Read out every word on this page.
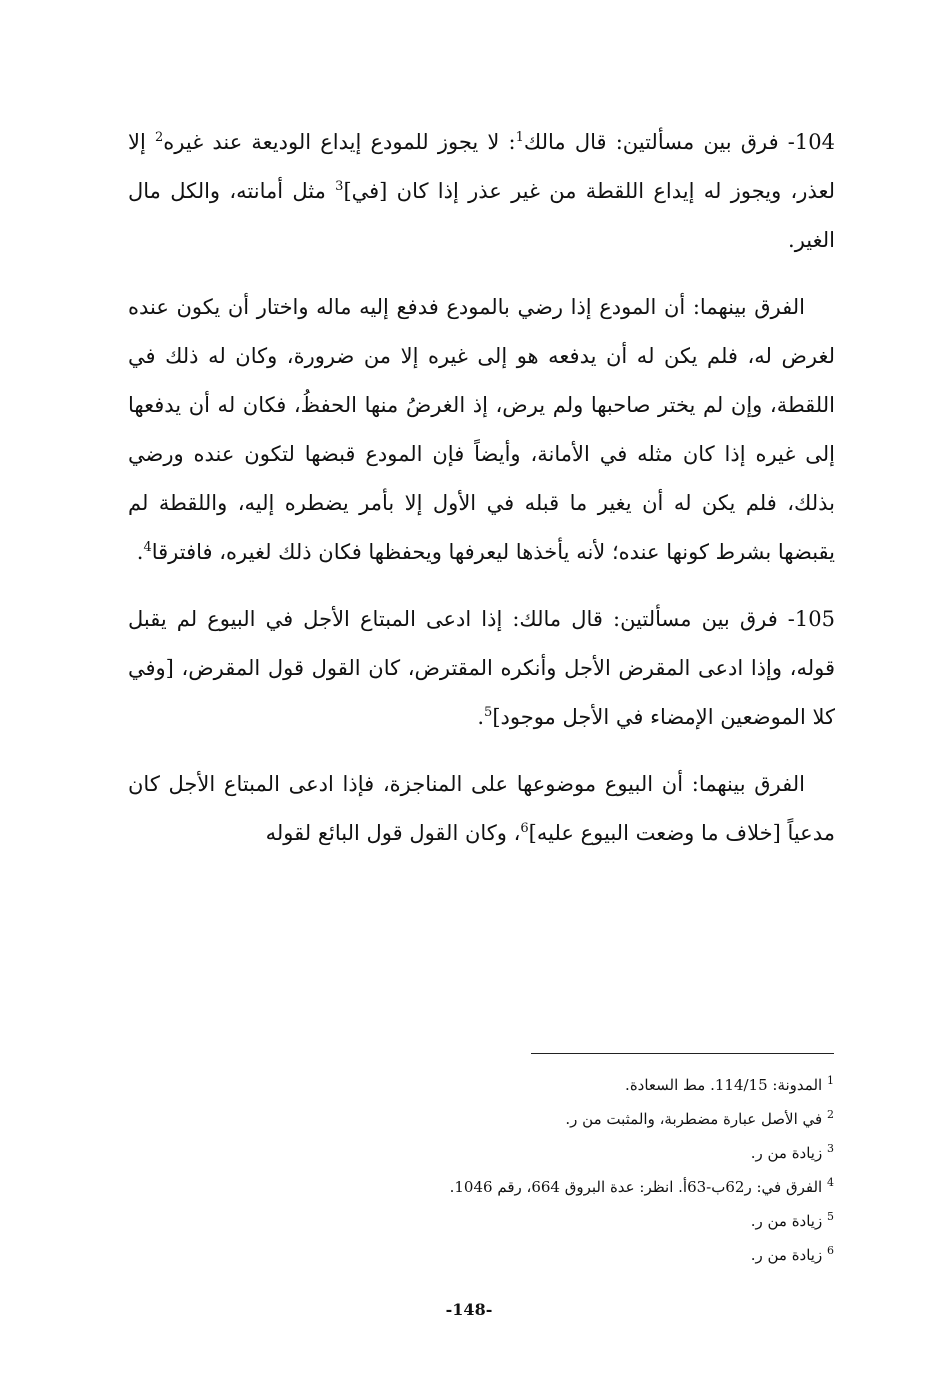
104- فرق بين مسألتين: قال مالك$^1$: لا يجوز للمودع إيداع الوديعة عند غيره$^2$ إلا لعذر، ويجوز له إيداع اللقطة من غير عذر إذا كان [في]$^3$ مثل أمانته، والكل مال الغير.

الفرق بينهما: أن المودع إذا رضي بالمودع فدفع إليه ماله واختار أن يكون عنده لغرض له، فلم يكن له أن يدفعه هو إلى غيره إلا من ضرورة، وكان له ذلك في اللقطة، وإن لم يختر صاحبها ولم يرض، إذ الغرضُ منها الحفظُ، فكان له أن يدفعها إلى غيره إذا كان مثله في الأمانة، وأيضاً فإن المودع قبضها لتكون عنده ورضي بذلك، فلم يكن له أن يغير ما قبله في الأول إلا بأمر يضطره إليه، واللقطة لم يقبضها بشرط كونها عنده؛ لأنه يأخذها ليعرفها ويحفظها فكان ذلك لغيره، فافترقا$^4$.

105- فرق بين مسألتين: قال مالك: إذا ادعى المبتاع الأجل في البيوع لم يقبل قوله، وإذا ادعى المقرض الأجل وأنكره المقترض، كان القول قول المقرض، [وفي كلا الموضعين الإمضاء في الأجل موجود]$^5$.

الفرق بينهما: أن البيوع موضوعها على المناجزة، فإذا ادعى المبتاع الأجل كان مدعياً [خلاف ما وضعت البيوع عليه]$^6$، وكان القول قول البائع لقوله

$^1$ المدونة: 114/15. مط السعادة.

$^2$ في الأصل عبارة مضطربة، والمثبت من ر.

$^3$ زيادة من ر.

$^4$ الفرق في: ر62ب-63أ. انظر: عدة البروق 664، رقم 1046.

$^5$ زيادة من ر.

$^6$ زيادة من ر.

-148-
